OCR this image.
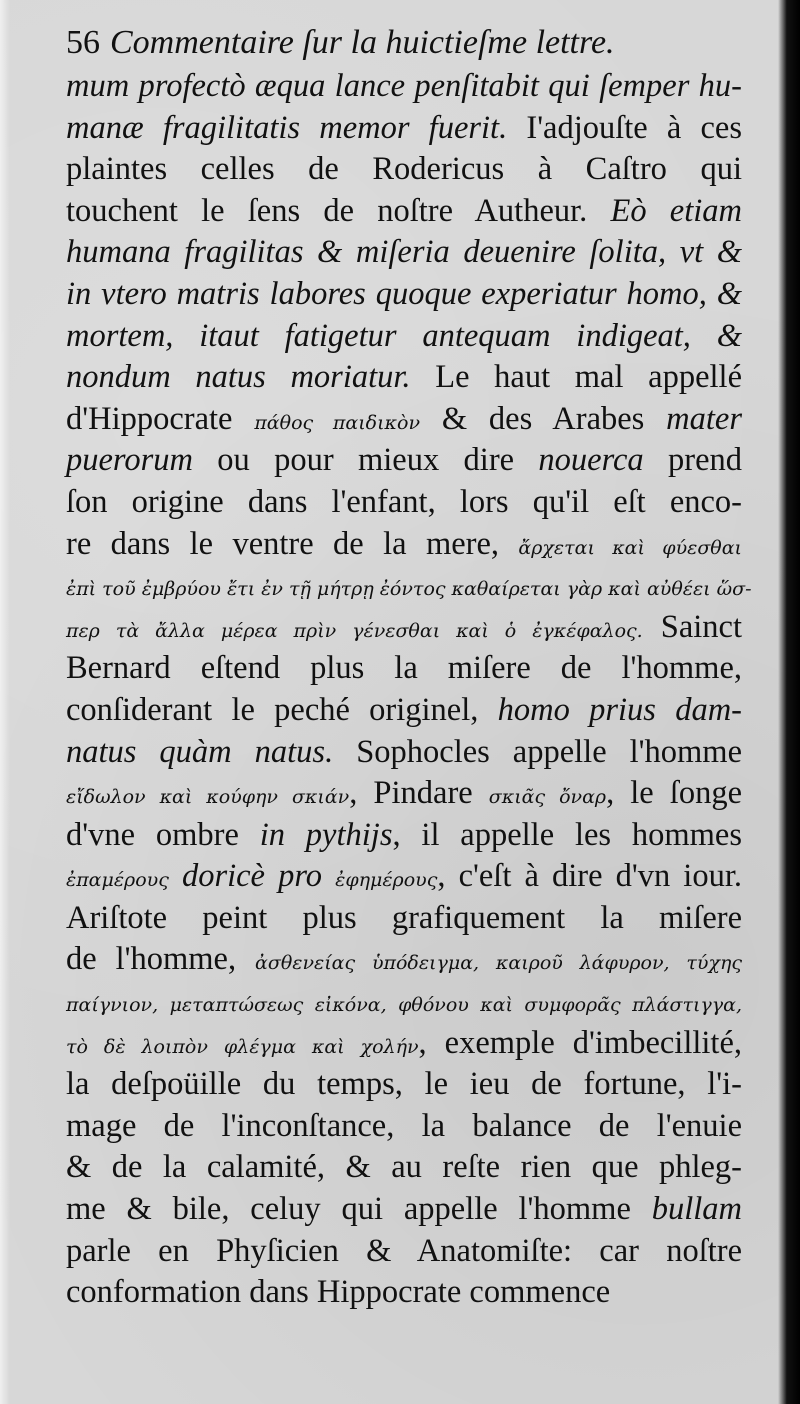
56 Commentaire ſur la huictieſme lettre.
mum profectò æqua lance penſitabit qui ſemper hu-
manæ fragilitatis memor fuerit. I'adjouſte à ces
plaintes celles de Rodericus à Caſtro qui
touchent le ſens de noſtre Autheur. Eò etiam
humana fragilitas & miſeria deuenire ſolita, vt &
in vtero matris labores quoque experiatur homo, &
mortem, itaut fatigetur antequam indigeat, &
nondum natus moriatur. Le haut mal appellé
d'Hippocrate πάθος παιδικὸν & des Arabes mater
puerorum ou pour mieux dire nouerca prend
ſon origine dans l'enfant, lors qu'il eſt enco-
re dans le ventre de la mere, ἄρχεται καὶ φύεσθαι
ἐπὶ τοῦ ἐμβρύου ἔτι ἐν τῇ μήτρῃ ἐόντος καθαίρεται γὰρ καὶ αὐθέει ὥσ-
περ τὰ ἄλλα μέρεα πρὶν γένεσθαι καὶ ὁ ἐγκέφαλος. Sainct
Bernard eſtend plus la miſere de l'homme,
conſiderant le peché originel, homo prius dam-
natus quàm natus. Sophocles appelle l'homme
εἴδωλον καὶ κούφην σκιάν, Pindare σκιᾶς ὄναρ, le ſonge
d'vne ombre in pythijs, il appelle les hommes
ἐπαμέρους doricè pro ἐφημέρους, c'eſt à dire d'vn iour.
Ariſtote peint plus grafiquement la miſere
de l'homme, ἀσθενείας ὑπόδειγμα, καιροῦ λάφυρον, τύχης
παίγνιον, μεταπτώσεως εἰκόνα, φθόνου καὶ συμφορᾶς πλάστιγγα,
τὸ δὲ λοιπὸν φλέγμα καὶ χολήν, exemple d'imbecillité,
la deſpoüille du temps, le ieu de fortune, l'i-
mage de l'inconſtance, la balance de l'enuie
& de la calamité, & au reſte rien que phleg-
me & bile, celuy qui appelle l'homme bullam
parle en Phyſicien & Anatomiſte: car noſtre
conformation dans Hippocrate commence
